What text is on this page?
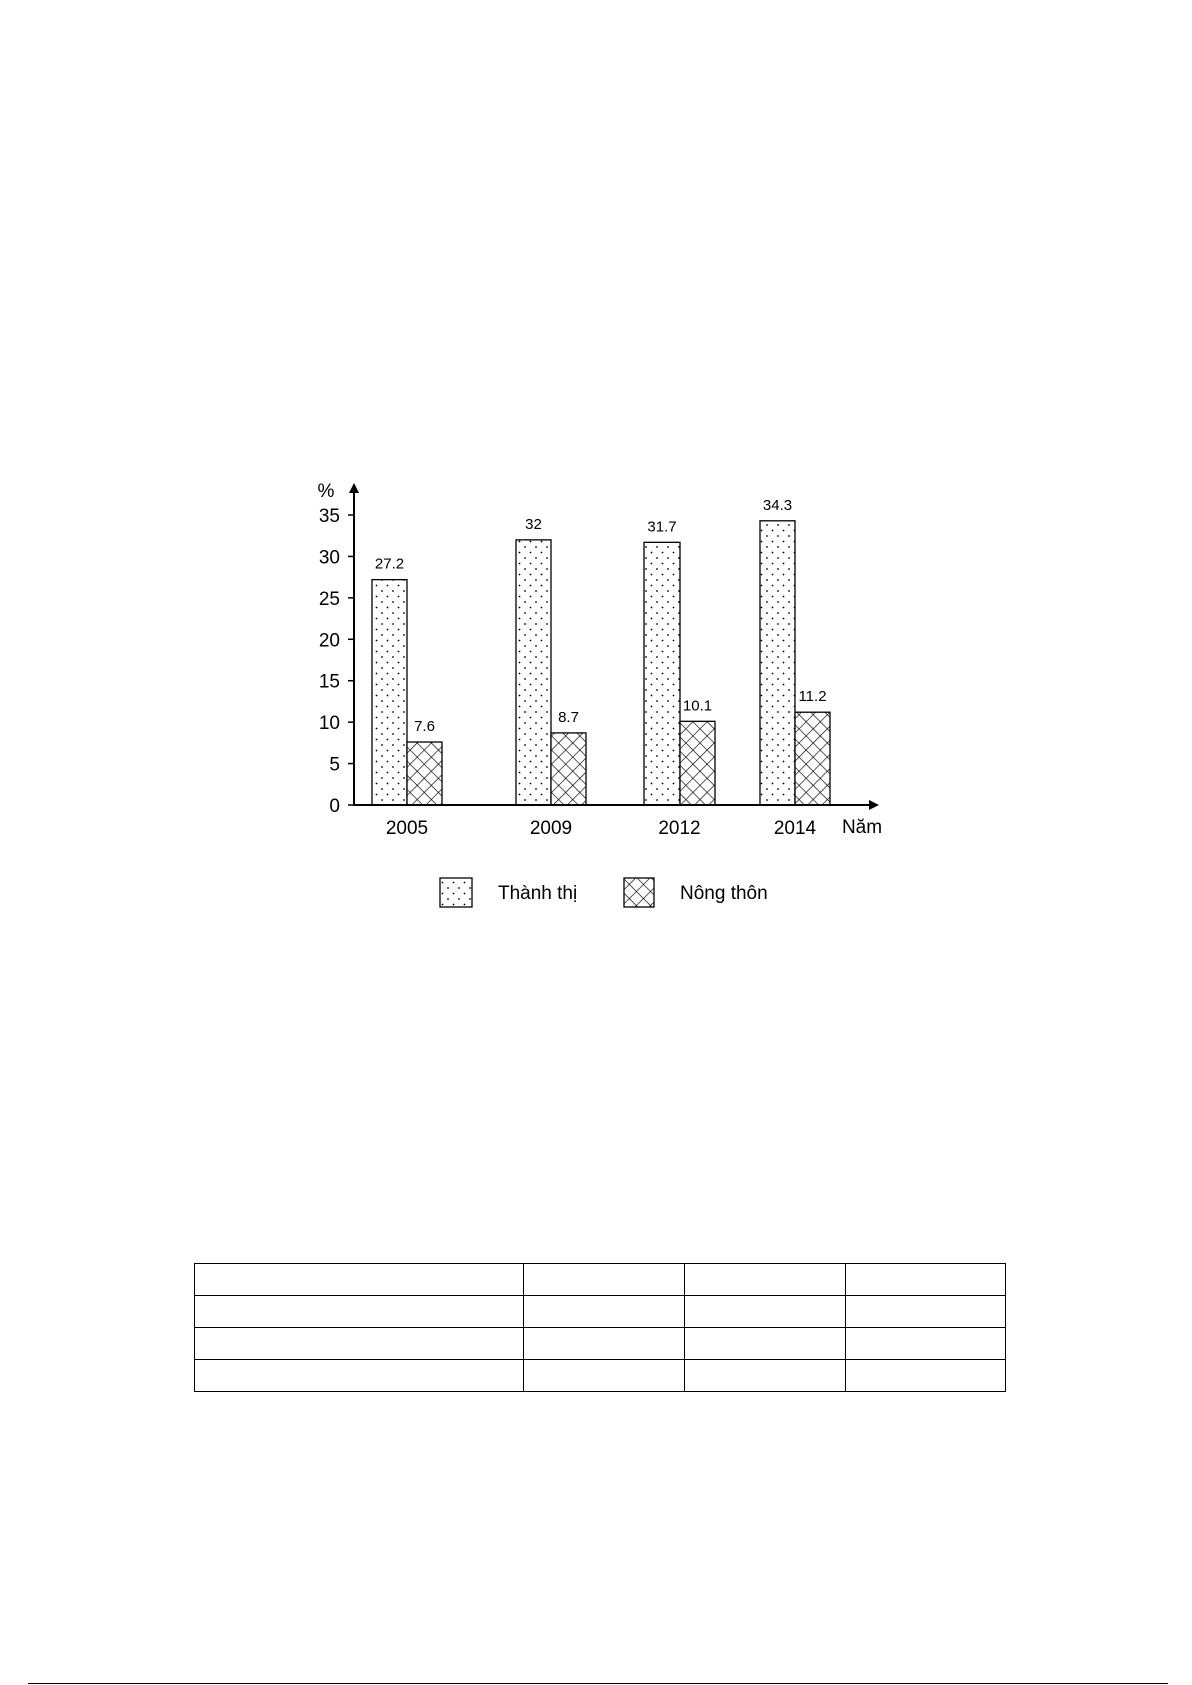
0
5
10
15
20
25
30
35
27.2
7.6
32
8.7
31.7
10.1
34.3
11.2
2005	2009	2012	2014
%
Năm
Thành thị	Nông thôn
